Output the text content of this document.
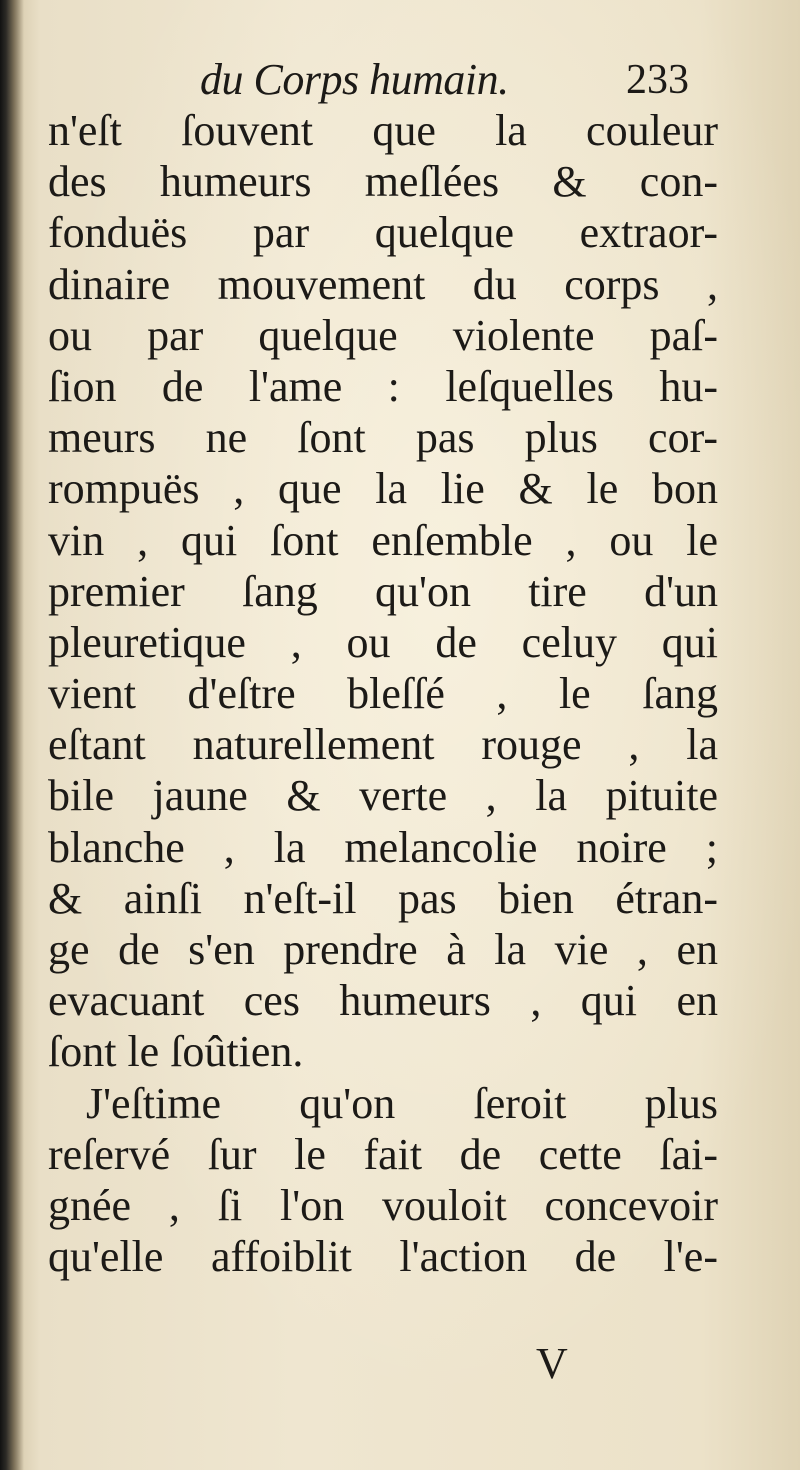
du Corps humain.	233
n'eſt ſouvent que la couleur
des humeurs meſlées & con-
fonduës par quelque extraor-
dinaire mouvement du corps ,
ou par quelque violente paſ-
ſion de l'ame : leſquelles hu-
meurs ne ſont pas plus cor-
rompuës , que la lie & le bon
vin , qui ſont enſemble , ou le
premier ſang qu'on tire d'un
pleuretique , ou de celuy qui
vient d'eſtre bleſſé , le ſang
eſtant naturellement rouge , la
bile jaune & verte , la pituite
blanche , la melancolie noire ;
& ainſi n'eſt-il pas bien étran-
ge de s'en prendre à la vie , en
evacuant ces humeurs , qui en
ſont le ſoûtien.
J'eſtime qu'on ſeroit plus
reſervé ſur le fait de cette ſai-
gnée , ſi l'on vouloit concevoir
qu'elle affoiblit l'action de l'e-
V
